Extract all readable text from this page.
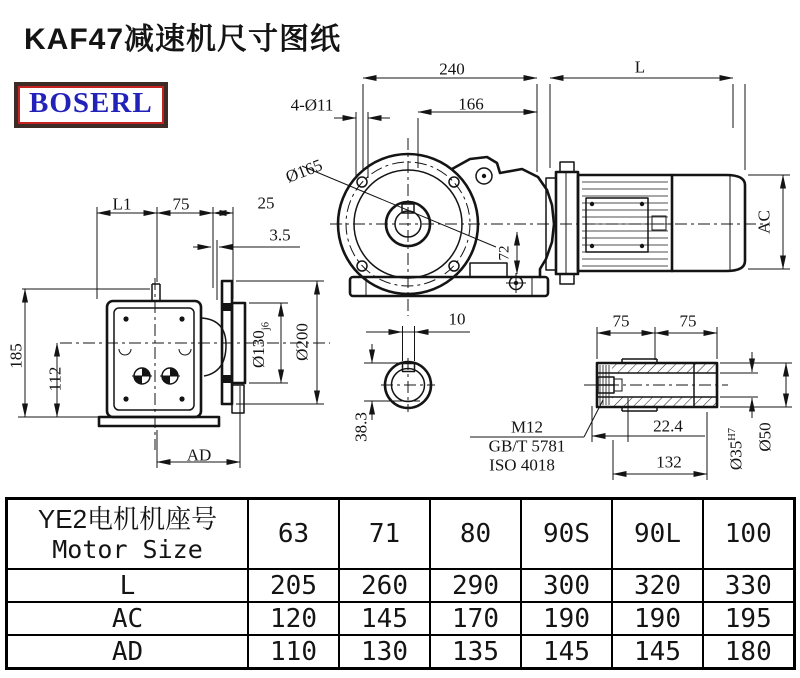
KAF47减速机尺寸图纸
BOSERL
240	L
4-Ø11	166
Ø165
AC
72
L1 75	25
3.5
185
112
AD
$Ø130_{j6}$ Ø200
10
38.3
75	75
M12
GB/T 5781
ISO 4018
22.4
132	$Ø35^{H7}$	Ø50
YE2电机机座号
Motor Size	63	71	80	90S	90L	100
L	205	260	290	300	320	330
AC	120	145	170	190	190	195
AD	110	130	135	145	145	180
